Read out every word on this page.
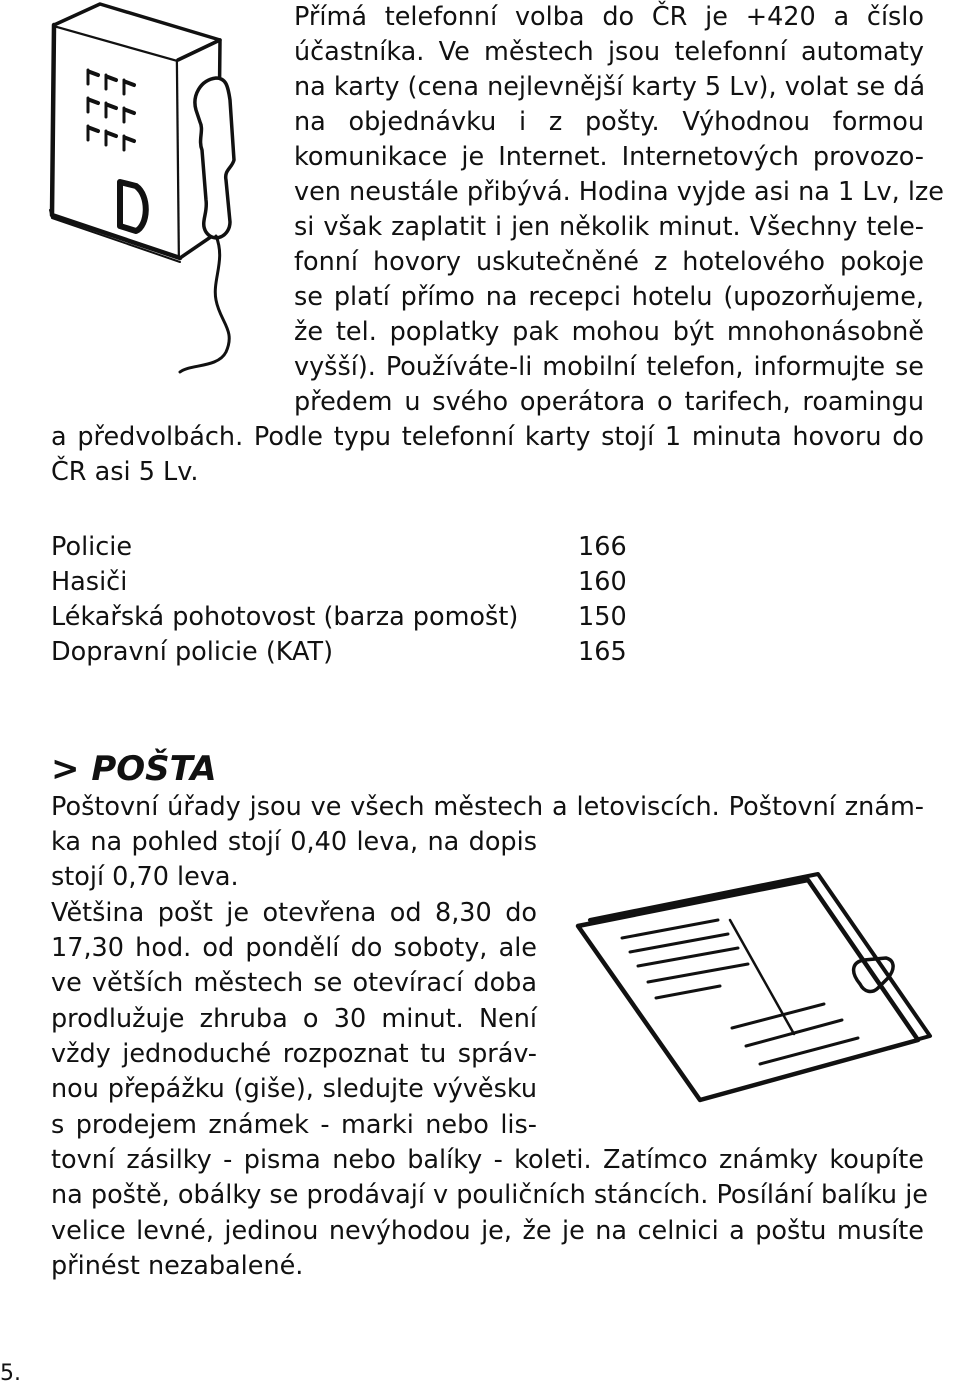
Přímá telefonní volba do ČR je +420 a číslo
účastníka. Ve městech jsou telefonní automaty
na karty (cena nejlevnější karty 5 Lv), volat se dá
na objednávku i z pošty. Výhodnou formou
komunikace je Internet. Internetových provozo-
ven neustále přibývá. Hodina vyjde asi na 1 Lv, lze
si však zaplatit i jen několik minut. Všechny tele-
fonní hovory uskutečněné z hotelového pokoje
se platí přímo na recepci hotelu (upozorňujeme,
že tel. poplatky pak mohou být mnohonásobně
vyšší). Používáte-li mobilní telefon, informujte se
předem u svého operátora o tarifech, roamingu
a předvolbách. Podle typu telefonní karty stojí 1 minuta hovoru do
ČR asi 5 Lv.
Policie	166
Hasiči	160
Lékařská pohotovost (barza pomošt) 150
Dopravní policie (KAT)	165
> POŠTA
Poštovní úřady jsou ve všech městech a letoviscích. Poštovní znám-
ka na pohled stojí 0,40 leva, na dopis
stojí 0,70 leva.
Většina pošt je otevřena od 8,30 do
17,30 hod. od pondělí do soboty, ale
ve větších městech se otevírací doba
prodlužuje zhruba o 30 minut. Není
vždy jednoduché rozpoznat tu správ-
nou přepážku (giše), sledujte vývěsku
s prodejem známek - marki nebo lis-
tovní zásilky - pisma nebo balíky - koleti. Zatímco známky koupíte
na poště, obálky se prodávají v pouličních stáncích. Posílání balíku je
velice levné, jedinou nevýhodou je, že je na celnici a poštu musíte
přinést nezabalené.
5.
